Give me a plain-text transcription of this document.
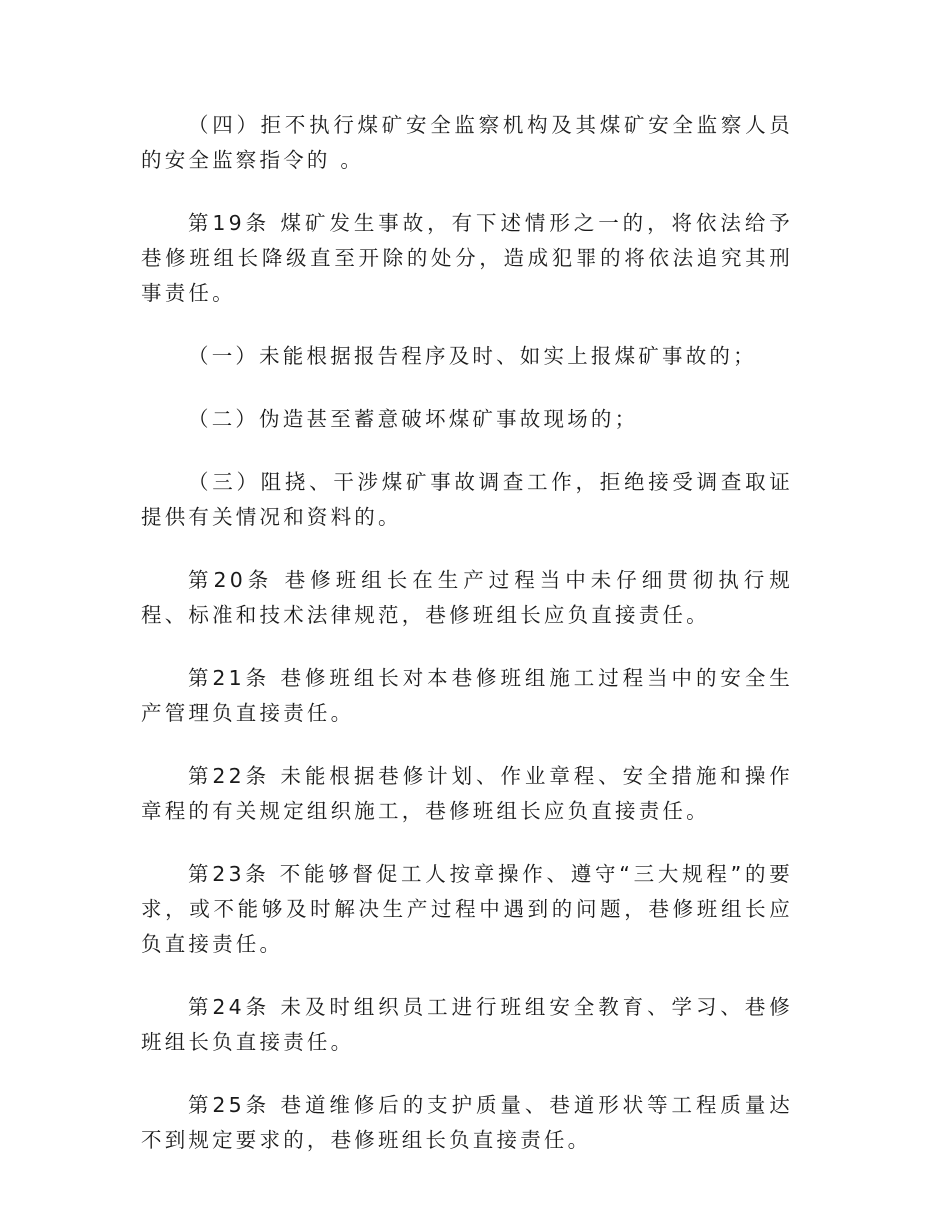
（四）拒不执行煤矿安全监察机构及其煤矿安全监察人员的安全监察指令的 。

第19条 煤矿发生事故，有下述情形之一的，将依法给予巷修班组长降级直至开除的处分，造成犯罪的将依法追究其刑事责任。

（一）未能根据报告程序及时、如实上报煤矿事故的；

（二）伪造甚至蓄意破坏煤矿事故现场的；

（三）阻挠、干涉煤矿事故调查工作，拒绝接受调查取证提供有关情况和资料的。

第20条 巷修班组长在生产过程当中未仔细贯彻执行规程、标准和技术法律规范，巷修班组长应负直接责任。

第21条 巷修班组长对本巷修班组施工过程当中的安全生产管理负直接责任。

第22条 未能根据巷修计划、作业章程、安全措施和操作章程的有关规定组织施工，巷修班组长应负直接责任。

第23条 不能够督促工人按章操作、遵守“三大规程”的要求，或不能够及时解决生产过程中遇到的问题，巷修班组长应负直接责任。

第24条 未及时组织员工进行班组安全教育、学习、巷修班组长负直接责任。

第25条 巷道维修后的支护质量、巷道形状等工程质量达不到规定要求的，巷修班组长负直接责任。
